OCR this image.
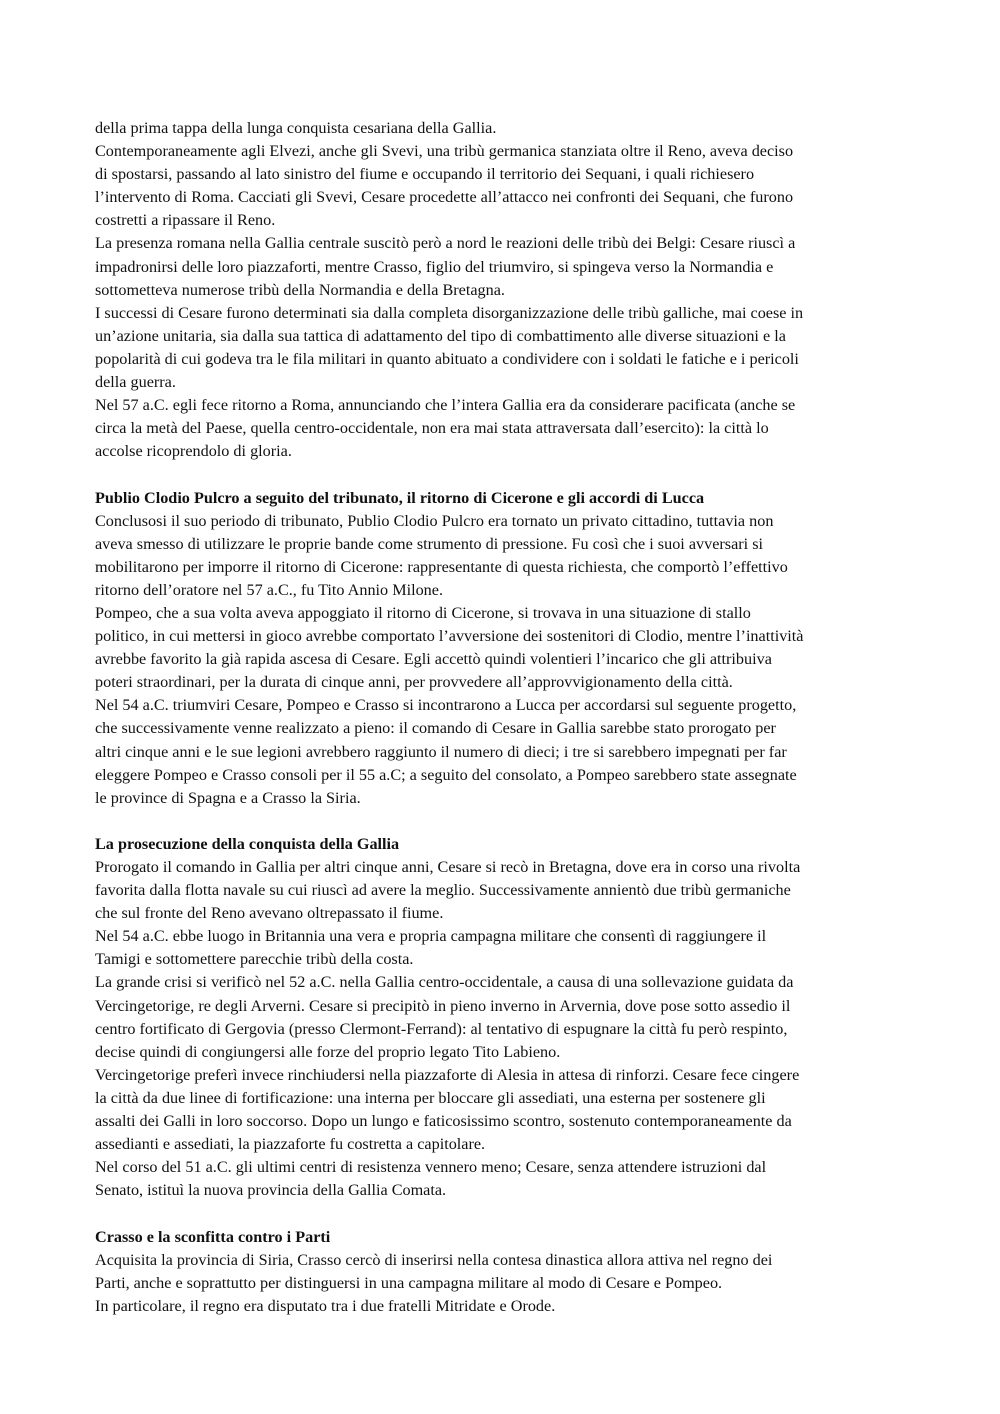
della prima tappa della lunga conquista cesariana della Gallia.

Contemporaneamente agli Elvezi, anche gli Svevi, una tribù germanica stanziata oltre il Reno, aveva deciso
di spostarsi, passando al lato sinistro del fiume e occupando il territorio dei Sequani, i quali richiesero
l’intervento di Roma. Cacciati gli Svevi, Cesare procedette all’attacco nei confronti dei Sequani, che furono
costretti a ripassare il Reno.

La presenza romana nella Gallia centrale suscitò però a nord le reazioni delle tribù dei Belgi: Cesare riuscì a
impadronirsi delle loro piazzaforti, mentre Crasso, figlio del triumviro, si spingeva verso la Normandia e
sottometteva numerose tribù della Normandia e della Bretagna.

I successi di Cesare furono determinati sia dalla completa disorganizzazione delle tribù galliche, mai coese in
un’azione unitaria, sia dalla sua tattica di adattamento del tipo di combattimento alle diverse situazioni e la
popolarità di cui godeva tra le fila militari in quanto abituato a condividere con i soldati le fatiche e i pericoli
della guerra.

Nel 57 a.C. egli fece ritorno a Roma, annunciando che l’intera Gallia era da considerare pacificata (anche se
circa la metà del Paese, quella centro-occidentale, non era mai stata attraversata dall’esercito): la città lo
accolse ricoprendolo di gloria.

Publio Clodio Pulcro a seguito del tribunato, il ritorno di Cicerone e gli accordi di Lucca

Conclusosi il suo periodo di tribunato, Publio Clodio Pulcro era tornato un privato cittadino, tuttavia non
aveva smesso di utilizzare le proprie bande come strumento di pressione. Fu così che i suoi avversari si
mobilitarono per imporre il ritorno di Cicerone: rappresentante di questa richiesta, che comportò l’effettivo
ritorno dell’oratore nel 57 a.C., fu Tito Annio Milone.

Pompeo, che a sua volta aveva appoggiato il ritorno di Cicerone, si trovava in una situazione di stallo
politico, in cui mettersi in gioco avrebbe comportato l’avversione dei sostenitori di Clodio, mentre l’inattività
avrebbe favorito la già rapida ascesa di Cesare. Egli accettò quindi volentieri l’incarico che gli attribuiva
poteri straordinari, per la durata di cinque anni, per provvedere all’approvvigionamento della città.

Nel 54 a.C. triumviri Cesare, Pompeo e Crasso si incontrarono a Lucca per accordarsi sul seguente progetto,
che successivamente venne realizzato a pieno: il comando di Cesare in Gallia sarebbe stato prorogato per
altri cinque anni e le sue legioni avrebbero raggiunto il numero di dieci; i tre si sarebbero impegnati per far
eleggere Pompeo e Crasso consoli per il 55 a.C; a seguito del consolato, a Pompeo sarebbero state assegnate
le province di Spagna e a Crasso la Siria.

La prosecuzione della conquista della Gallia

Prorogato il comando in Gallia per altri cinque anni, Cesare si recò in Bretagna, dove era in corso una rivolta
favorita dalla flotta navale su cui riuscì ad avere la meglio. Successivamente annientò due tribù germaniche
che sul fronte del Reno avevano oltrepassato il fiume.

Nel 54 a.C. ebbe luogo in Britannia una vera e propria campagna militare che consentì di raggiungere il
Tamigi e sottomettere parecchie tribù della costa.

La grande crisi si verificò nel 52 a.C. nella Gallia centro-occidentale, a causa di una sollevazione guidata da
Vercingetorige, re degli Arverni. Cesare si precipitò in pieno inverno in Arvernia, dove pose sotto assedio il
centro fortificato di Gergovia (presso Clermont-Ferrand): al tentativo di espugnare la città fu però respinto,
decise quindi di congiungersi alle forze del proprio legato Tito Labieno.

Vercingetorige preferì invece rinchiudersi nella piazzaforte di Alesia in attesa di rinforzi. Cesare fece cingere
la città da due linee di fortificazione: una interna per bloccare gli assediati, una esterna per sostenere gli
assalti dei Galli in loro soccorso. Dopo un lungo e faticosissimo scontro, sostenuto contemporaneamente da
assedianti e assediati, la piazzaforte fu costretta a capitolare.

Nel corso del 51 a.C. gli ultimi centri di resistenza vennero meno; Cesare, senza attendere istruzioni dal
Senato, istituì la nuova provincia della Gallia Comata.

Crasso e la sconfitta contro i Parti

Acquisita la provincia di Siria, Crasso cercò di inserirsi nella contesa dinastica allora attiva nel regno dei
Parti, anche e soprattutto per distinguersi in una campagna militare al modo di Cesare e Pompeo.

In particolare, il regno era disputato tra i due fratelli Mitridate e Orode.
